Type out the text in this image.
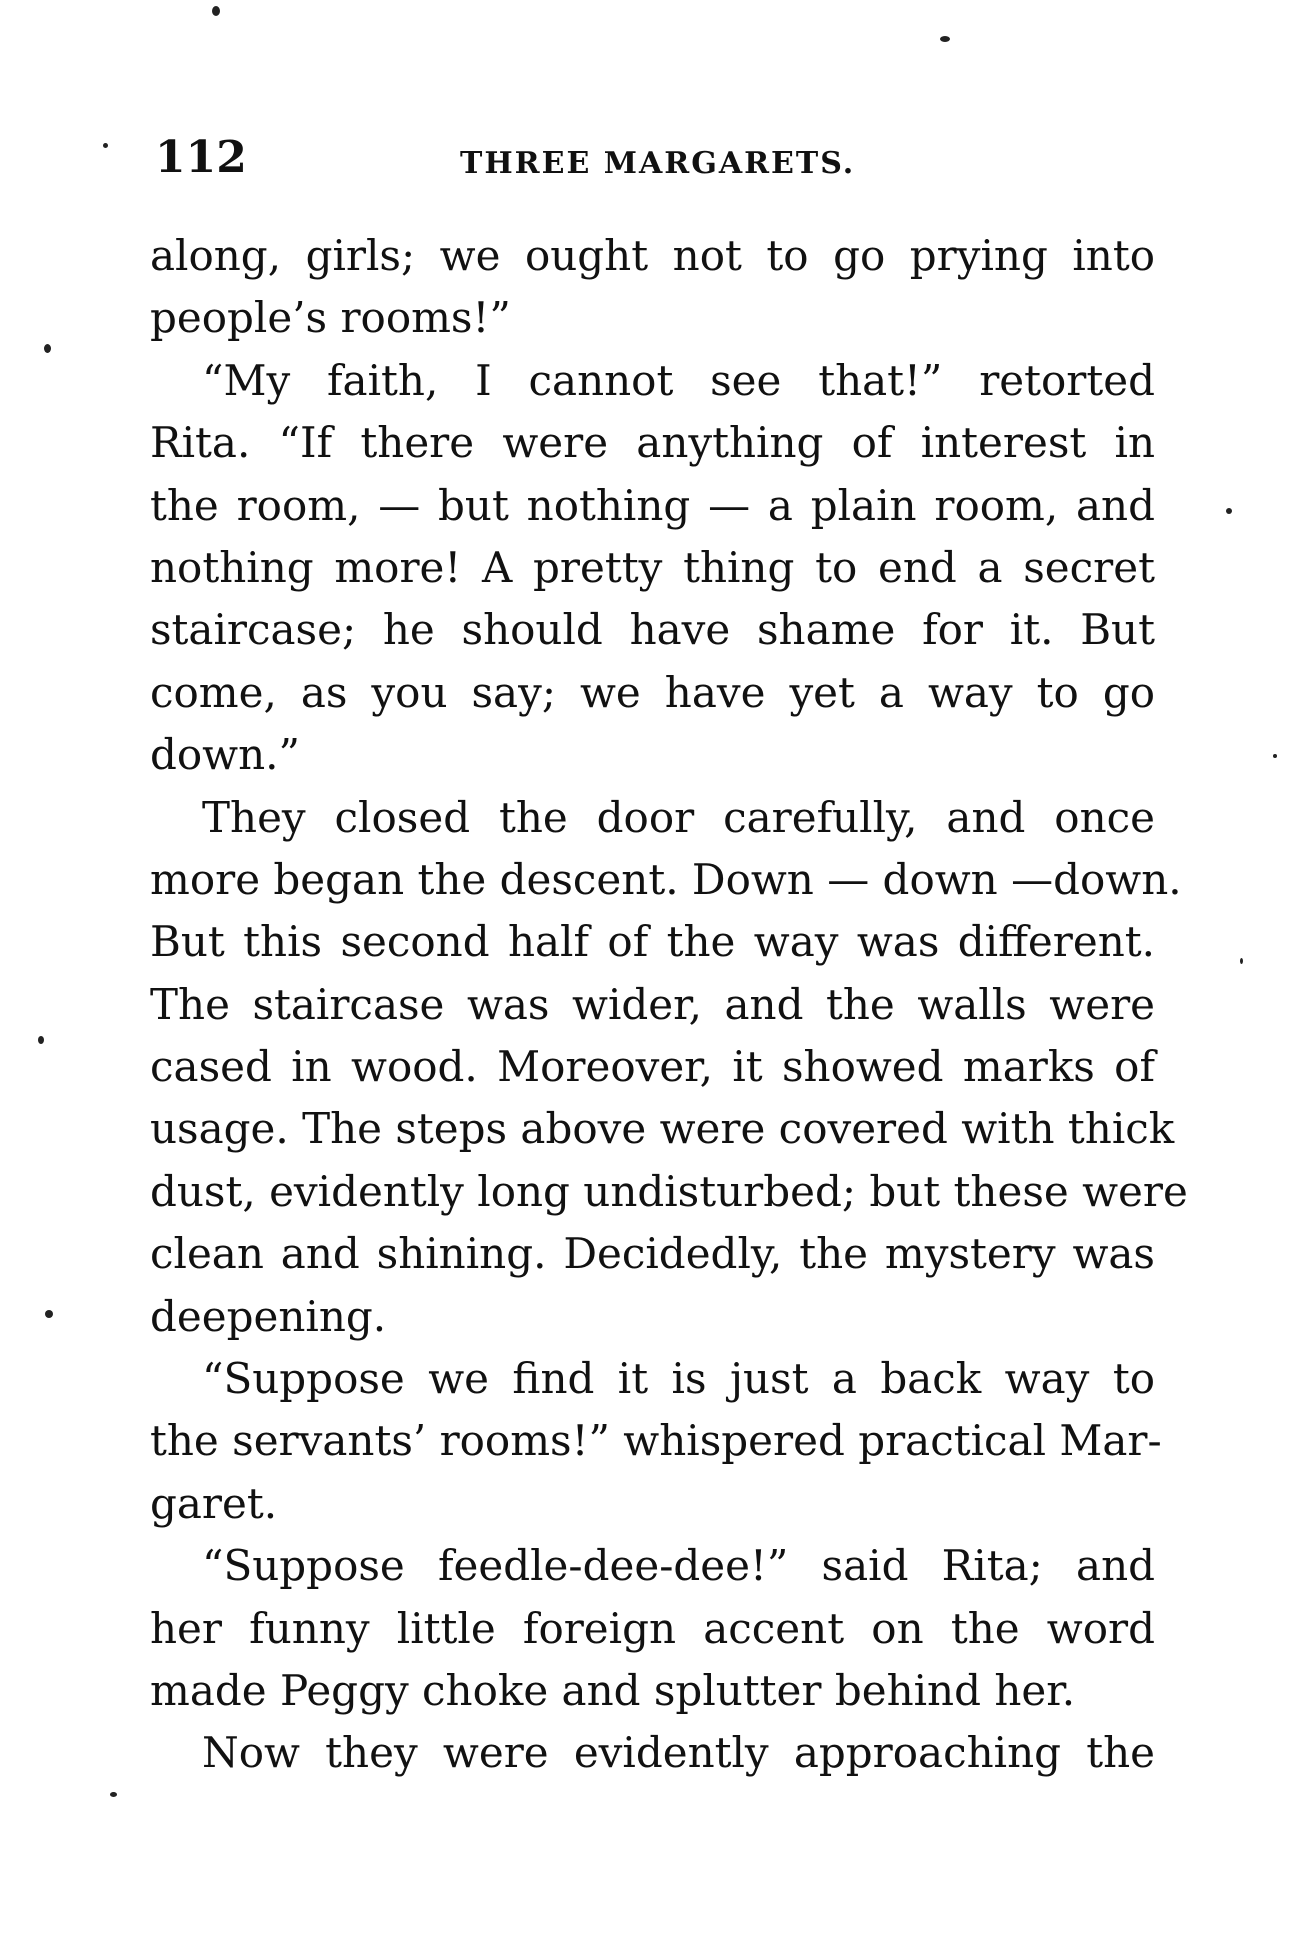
112	THREE MARGARETS.
along, girls; we ought not to go prying into
people’s rooms!”
“My faith, I cannot see that!” retorted
Rita. “If there were anything of interest in
the room, — but nothing — a plain room, and
nothing more! A pretty thing to end a secret
staircase; he should have shame for it. But
come, as you say; we have yet a way to go
down.”
They closed the door carefully, and once
more began the descent. Down — down —down.
But this second half of the way was different.
The staircase was wider, and the walls were
cased in wood. Moreover, it showed marks of
usage. The steps above were covered with thick
dust, evidently long undisturbed; but these were
clean and shining. Decidedly, the mystery was
deepening.
“Suppose we find it is just a back way to
the servants’ rooms!” whispered practical Mar-
garet.
“Suppose feedle-dee-dee!” said Rita; and
her funny little foreign accent on the word
made Peggy choke and splutter behind her.
Now they were evidently approaching the
